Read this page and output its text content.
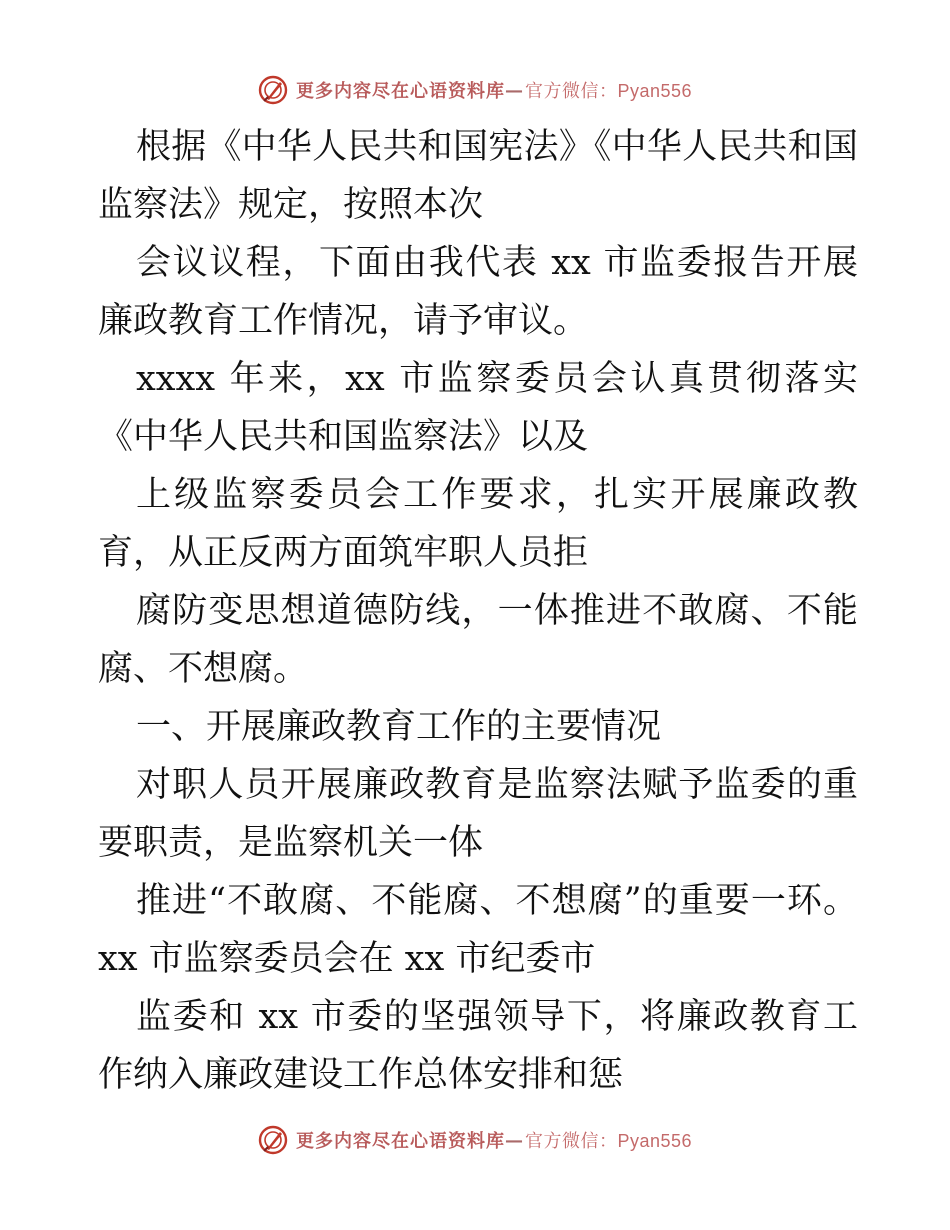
更多内容尽在心语资料库 — 官方微信：Pyan556

根据《中华人民共和国宪法》《中华人民共和国监察法》规定，按照本次

会议议程，下面由我代表 xx 市监委报告开展廉政教育工作情况，请予审议。

xxxx 年来，xx 市监察委员会认真贯彻落实《中华人民共和国监察法》以及

上级监察委员会工作要求，扎实开展廉政教育，从正反两方面筑牢职人员拒

腐防变思想道德防线，一体推进不敢腐、不能腐、不想腐。

一、开展廉政教育工作的主要情况

对职人员开展廉政教育是监察法赋予监委的重要职责，是监察机关一体

推进“不敢腐、不能腐、不想腐”的重要一环。xx 市监察委员会在 xx 市纪委市

监委和 xx 市委的坚强领导下，将廉政教育工作纳入廉政建设工作总体安排和惩

更多内容尽在心语资料库 — 官方微信：Pyan556
